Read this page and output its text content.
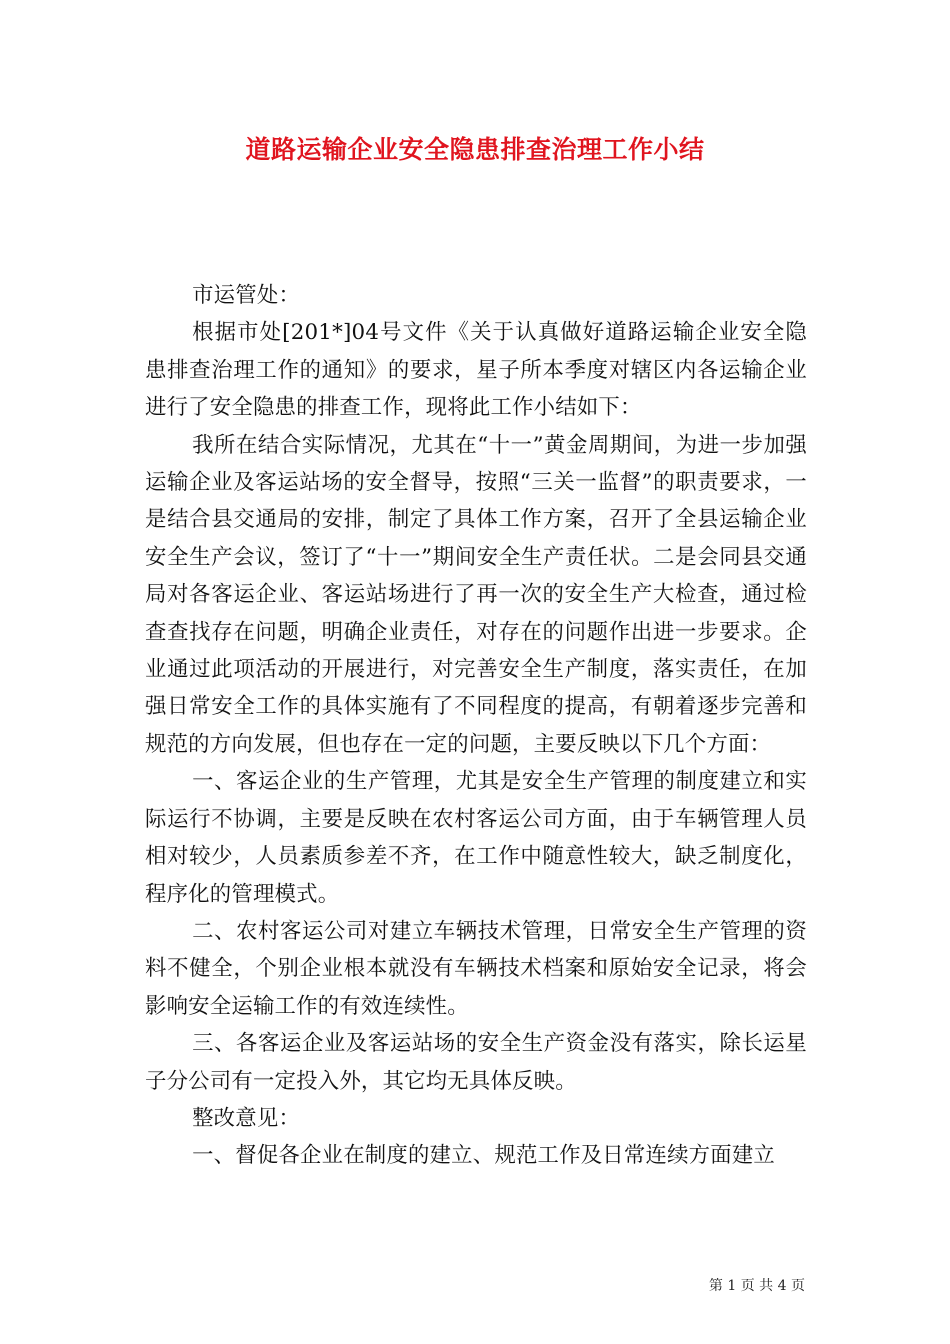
道路运输企业安全隐患排查治理工作小结

市运管处：

根据市处[201*]04号文件《关于认真做好道路运输企业安全隐患排查治理工作的通知》的要求，星子所本季度对辖区内各运输企业进行了安全隐患的排查工作，现将此工作小结如下：

我所在结合实际情况，尤其在“十一”黄金周期间，为进一步加强运输企业及客运站场的安全督导，按照“三关一监督”的职责要求，一是结合县交通局的安排，制定了具体工作方案，召开了全县运输企业安全生产会议，签订了“十一”期间安全生产责任状。二是会同县交通局对各客运企业、客运站场进行了再一次的安全生产大检查，通过检查查找存在问题，明确企业责任，对存在的问题作出进一步要求。企业通过此项活动的开展进行，对完善安全生产制度，落实责任，在加强日常安全工作的具体实施有了不同程度的提高，有朝着逐步完善和规范的方向发展，但也存在一定的问题，主要反映以下几个方面：

一、客运企业的生产管理，尤其是安全生产管理的制度建立和实际运行不协调，主要是反映在农村客运公司方面，由于车辆管理人员相对较少，人员素质参差不齐，在工作中随意性较大，缺乏制度化，程序化的管理模式。

二、农村客运公司对建立车辆技术管理，日常安全生产管理的资料不健全，个别企业根本就没有车辆技术档案和原始安全记录，将会影响安全运输工作的有效连续性。

三、各客运企业及客运站场的安全生产资金没有落实，除长运星子分公司有一定投入外，其它均无具体反映。

整改意见：

一、督促各企业在制度的建立、规范工作及日常连续方面建立

第 1 页 共 4 页
